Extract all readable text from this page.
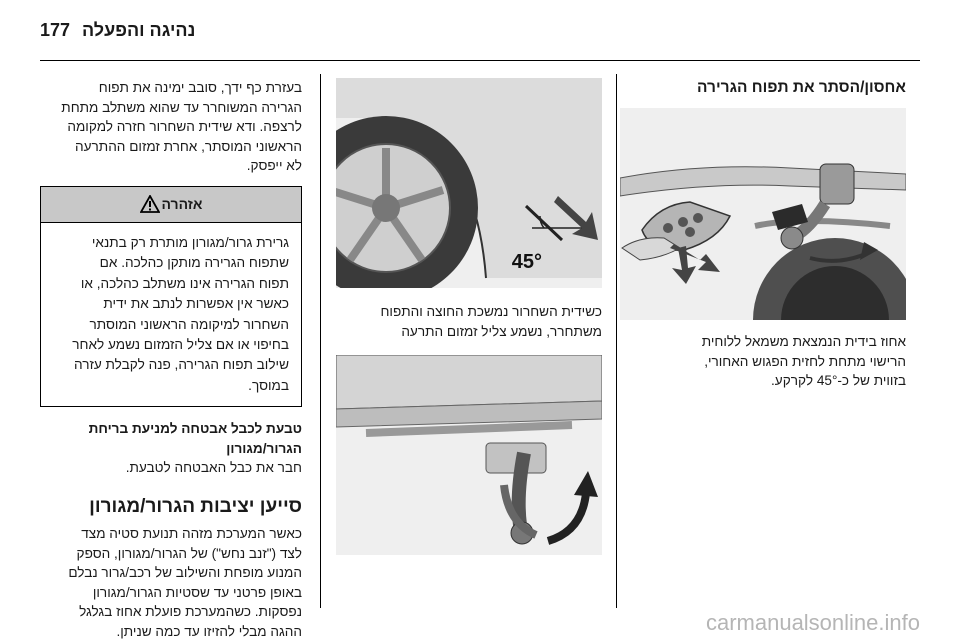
177 נהיגה והפעלה
אחסון/הסתר את תפוח הגרירה
אחוז בידית הנמצאת משמאל ללוחית
הרישוי מתחת לחזית הפגוש האחורי,
בזווית של כ-45° לקרקע.
45°
כשידית השחרור נמשכת החוצה והתפוח
משתחרר, נשמע צליל זמזום התרעה
בעזרת כף ידך, סובב ימינה את תפוח
הגרירה המשוחרר עד שהוא משתלב מתחת
לרצפה. ודא שידית השחרור חזרה למקומה
הראשוני המוסתר, אחרת זמזום ההתרעה
לא ייפסק.
אזהרה
גרירת גרור/מגורון מותרת רק בתנאי
שתפוח הגרירה מותקן כהלכה. אם
תפוח הגרירה אינו משתלב כהלכה, או
כאשר אין אפשרות לנתב את ידית
השחרור למיקומה הראשוני המוסתר
בחיפוי או אם צליל הזמזום נשמע לאחר
שילוב תפוח הגרירה, פנה לקבלת עזרה
במוסך.
טבעת לכבל אבטחה למניעת בריחת
הגרור/מגורון
חבר את כבל האבטחה לטבעת.
סייען יציבות הגרור/מגורון
כאשר המערכת מזהה תנועת סטיה מצד
לצד ("זנב נחש") של הגרור/מגורון, הספק
המנוע מופחת והשילוב של רכב/גרור נבלם
באופן פרטני עד שסטיות הגרור/מגורון
נפסקות. כשהמערכת פועלת אחוז בגלגל
ההגה מבלי להזיזו עד כמה שניתן.	carmanualsonline.info
